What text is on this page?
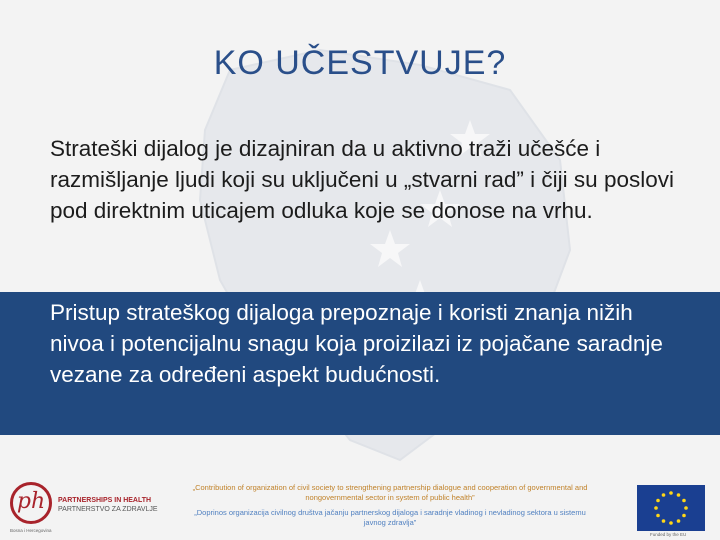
KO UČESTVUJE?

Strateški dijalog je dizajniran da u aktivno traži učešće i razmišljanje ljudi koji su uključeni u „stvarni rad” i čiji su poslovi pod direktnim uticajem odluka koje se donose na vrhu.

Pristup strateškog dijaloga prepoznaje i koristi znanja nižih nivoa i potencijalnu snagu koja proizilazi iz pojačane saradnje vezane za određeni aspekt budućnosti.

ph	PARTNERSHIPS IN HEALTH
PARTNERSTVO ZA ZDRAVLJE
Bosna i Hercegovina

„Contribution of organization of civil society to strengthening partnership dialogue and cooperation of governmental and nongovernmental sector in system of public health”

„Doprinos organizacija civilnog društva jačanju partnerskog dijaloga i saradnje vladinog i nevladinog sektora u sistemu javnog zdravlja”

Funded by the EU
